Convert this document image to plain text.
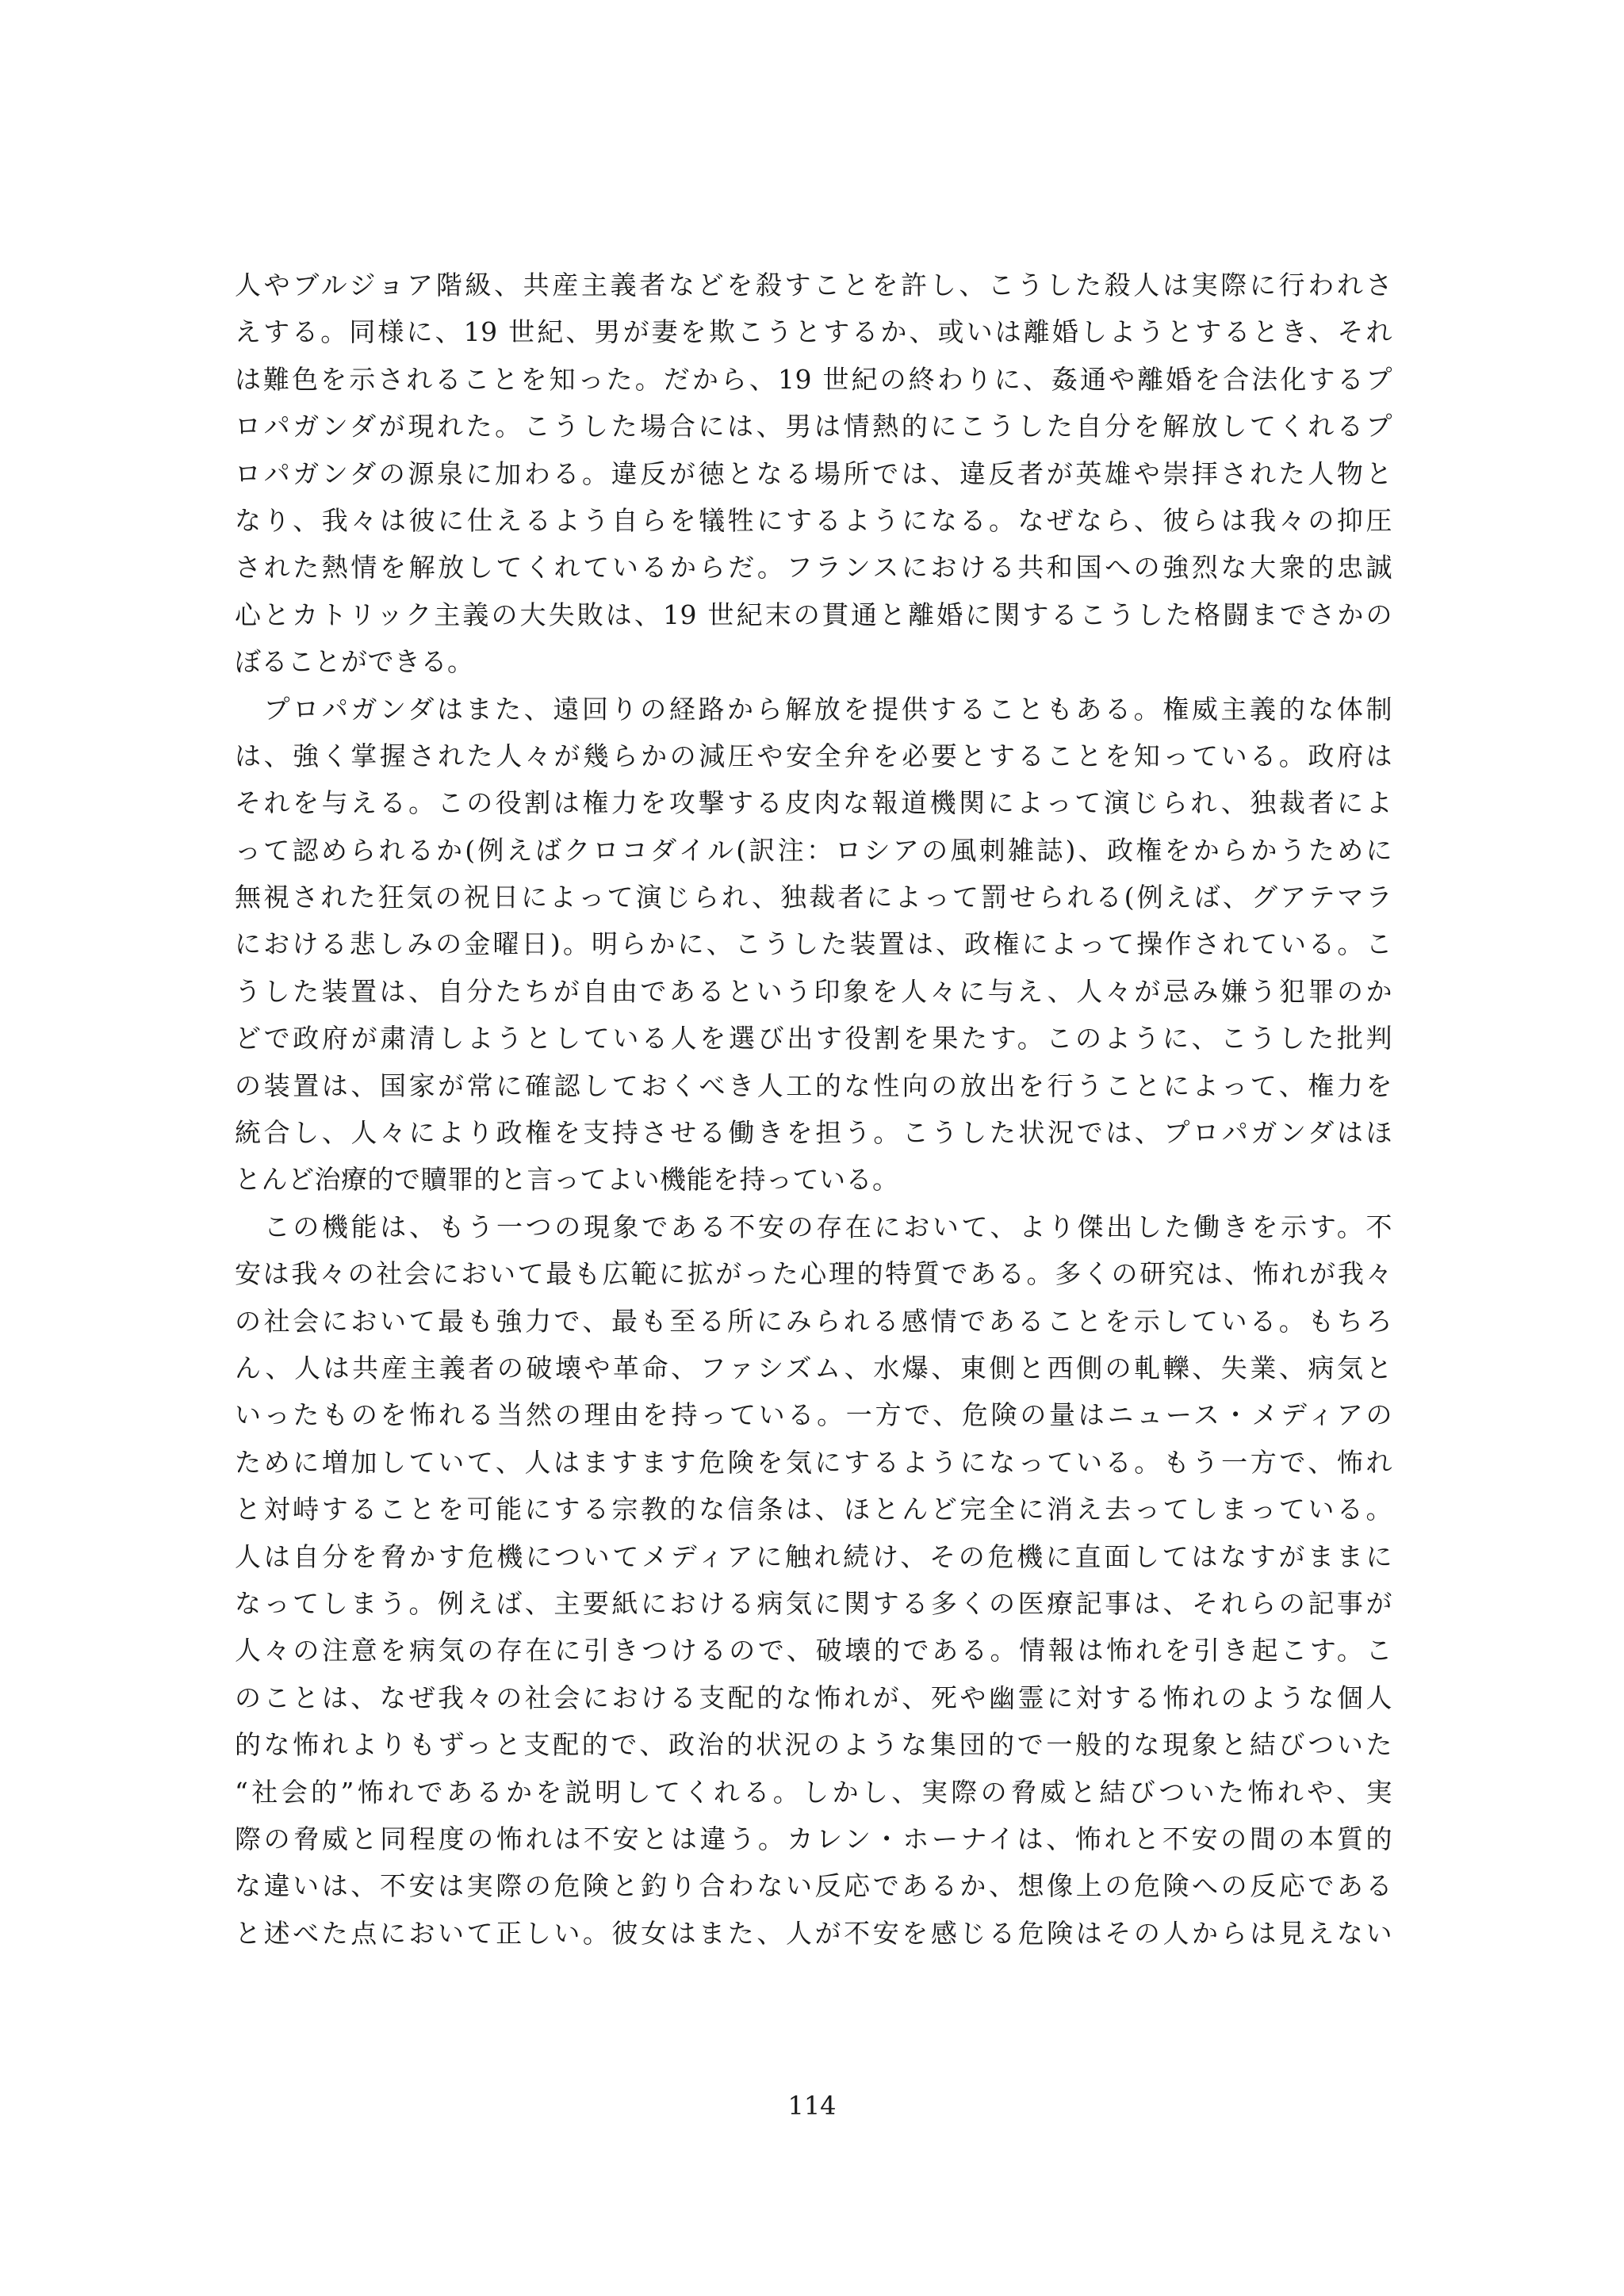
人やブルジョア階級、共産主義者などを殺すことを許し、こうした殺人は実際に行われさ
えする。同様に、19 世紀、男が妻を欺こうとするか、或いは離婚しようとするとき、それ
は難色を示されることを知った。だから、19 世紀の終わりに、姦通や離婚を合法化するプ
ロパガンダが現れた。こうした場合には、男は情熱的にこうした自分を解放してくれるプ
ロパガンダの源泉に加わる。違反が徳となる場所では、違反者が英雄や崇拝された人物と
なり、我々は彼に仕えるよう自らを犠牲にするようになる。なぜなら、彼らは我々の抑圧
された熱情を解放してくれているからだ。フランスにおける共和国への強烈な大衆的忠誠
心とカトリック主義の大失敗は、19 世紀末の貫通と離婚に関するこうした格闘までさかの
ぼることができる。
　プロパガンダはまた、遠回りの経路から解放を提供することもある。権威主義的な体制
は、強く掌握された人々が幾らかの減圧や安全弁を必要とすることを知っている。政府は
それを与える。この役割は権力を攻撃する皮肉な報道機関によって演じられ、独裁者によ
って認められるか(例えばクロコダイル(訳注：ロシアの風刺雑誌)、政権をからかうために
無視された狂気の祝日によって演じられ、独裁者によって罰せられる(例えば、グアテマラ
における悲しみの金曜日)。明らかに、こうした装置は、政権によって操作されている。こ
うした装置は、自分たちが自由であるという印象を人々に与え、人々が忌み嫌う犯罪のか
どで政府が粛清しようとしている人を選び出す役割を果たす。このように、こうした批判
の装置は、国家が常に確認しておくべき人工的な性向の放出を行うことによって、権力を
統合し、人々により政権を支持させる働きを担う。こうした状況では、プロパガンダはほ
とんど治療的で贖罪的と言ってよい機能を持っている。
　この機能は、もう一つの現象である不安の存在において、より傑出した働きを示す。不
安は我々の社会において最も広範に拡がった心理的特質である。多くの研究は、怖れが我々
の社会において最も強力で、最も至る所にみられる感情であることを示している。もちろ
ん、人は共産主義者の破壊や革命、ファシズム、水爆、東側と西側の軋轢、失業、病気と
いったものを怖れる当然の理由を持っている。一方で、危険の量はニュース・メディアの
ために増加していて、人はますます危険を気にするようになっている。もう一方で、怖れ
と対峙することを可能にする宗教的な信条は、ほとんど完全に消え去ってしまっている。
人は自分を脅かす危機についてメディアに触れ続け、その危機に直面してはなすがままに
なってしまう。例えば、主要紙における病気に関する多くの医療記事は、それらの記事が
人々の注意を病気の存在に引きつけるので、破壊的である。情報は怖れを引き起こす。こ
のことは、なぜ我々の社会における支配的な怖れが、死や幽霊に対する怖れのような個人
的な怖れよりもずっと支配的で、政治的状況のような集団的で一般的な現象と結びついた
“社会的”怖れであるかを説明してくれる。しかし、実際の脅威と結びついた怖れや、実
際の脅威と同程度の怖れは不安とは違う。カレン・ホーナイは、怖れと不安の間の本質的
な違いは、不安は実際の危険と釣り合わない反応であるか、想像上の危険への反応である
と述べた点において正しい。彼女はまた、人が不安を感じる危険はその人からは見えない
114
